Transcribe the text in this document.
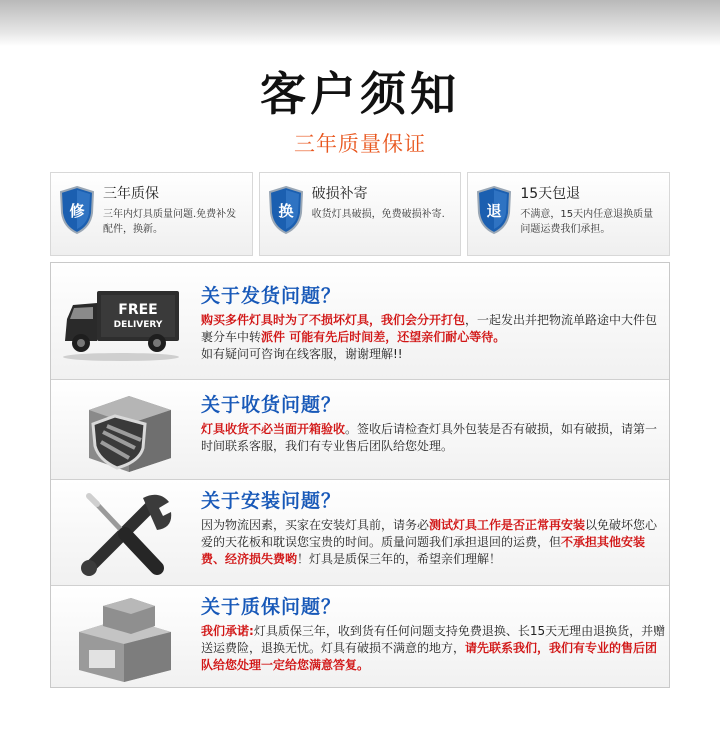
客户须知
三年质量保证
修
三年质保
三年内灯具质量问题.免费补发配件，换新。
换
破损补寄
收货灯具破损，免费破损补寄.	退
15天包退
不满意，15天内任意退换质量问题运费我们承担。
FREE
DELIVERY
关于发货问题？
购买多件灯具时为了不损坏灯具，我们会分开打包，一起发出并把物流单路途中大件包裹分车中转派件 可能有先后时间差，还望亲们耐心等待。
如有疑问可咨询在线客服，谢谢理解!!
关于收货问题？
灯具收货不必当面开箱验收。签收后请检查灯具外包装是否有破损，如有破损，请第一时间联系客服，我们有专业售后团队给您处理。
关于安装问题？
因为物流因素，买家在安装灯具前，请务必测试灯具工作是否正常再安装以免破坏您心爱的天花板和耽误您宝贵的时间。质量问题我们承担退回的运费，但不承担其他安装费、经济损失费哟！灯具是质保三年的，希望亲们理解！
关于质保问题？
我们承诺:灯具质保三年，收到货有任何问题支持免费退换、长15天无理由退换货，并赠送运费险，退换无忧。灯具有破损不满意的地方，请先联系我们，我们有专业的售后团队给您处理一定给您满意答复。
